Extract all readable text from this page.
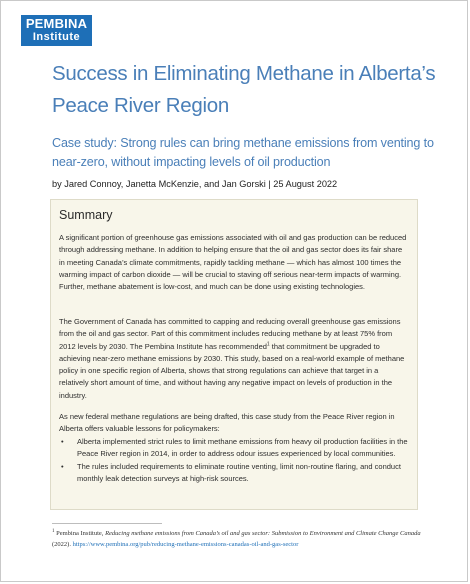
PEMBINA
Institute
Success in Eliminating Methane in Alberta’s Peace River Region

Case study: Strong rules can bring methane emissions from venting to near-zero, without impacting levels of oil production

by Jared Connoy, Janetta McKenzie, and Jan Gorski | 25 August 2022
Summary

A significant portion of greenhouse gas emissions associated with oil and gas production can be reduced through addressing methane. In addition to helping ensure that the oil and gas sector does its fair share in meeting Canada’s climate commitments, rapidly tackling methane — which has almost 100 times the warming impact of carbon dioxide — will be crucial to staving off serious near-term impacts of warming. Further, methane abatement is low-cost, and much can be done using existing technologies.

The Government of Canada has committed to capping and reducing overall greenhouse gas emissions from the oil and gas sector. Part of this commitment includes reducing methane by at least 75% from 2012 levels by 2030. The Pembina Institute has recommended$^1$ that commitment be upgraded to achieving near-zero methane emissions by 2030. This study, based on a real-world example of methane policy in one specific region of Alberta, shows that strong regulations can achieve that target in a relatively short amount of time, and without having any negative impact on levels of production in the industry.

As new federal methane regulations are being drafted, this case study from the Peace River region in Alberta offers valuable lessons for policymakers:

• Alberta implemented strict rules to limit methane emissions from heavy oil production facilities in the Peace River region in 2014, in order to address odour issues experienced by local communities.
• The rules included requirements to eliminate routine venting, limit non-routine flaring, and conduct monthly leak detection surveys at high-risk sources.

$^1$ Pembina Institute, Reducing methane emissions from Canada’s oil and gas sector: Submission to Environment and Climate Change Canada (2022). https://www.pembina.org/pub/reducing-methane-emissions-canadas-oil-and-gas-sector
